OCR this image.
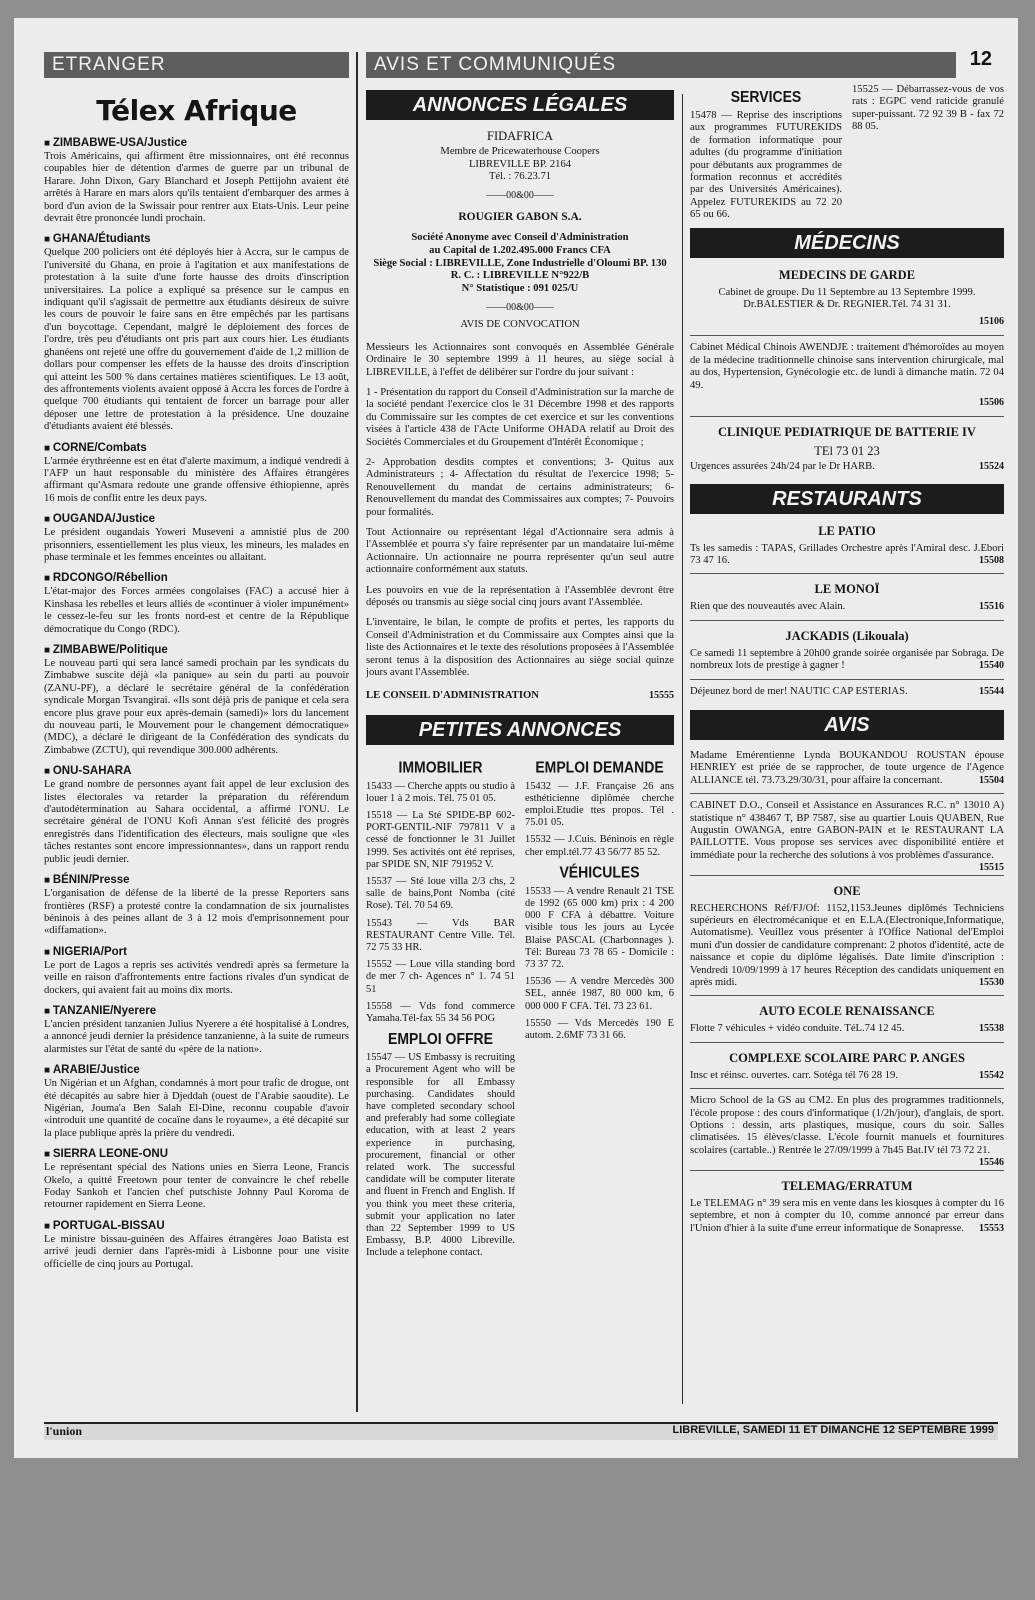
ETRANGER	AVIS ET COMMUNIQUÉS	12
Télex Afrique
■ ZIMBABWE-USA/Justice

Trois Américains, qui affirment être missionnaires, ont été reconnus coupables hier de détention d'armes de guerre par un tribunal de Harare. John Dixon, Gary Blanchard et Joseph Pettijohn avaient été arrêtés à Harare en mars alors qu'ils tentaient d'embarquer des armes à bord d'un avion de la Swissair pour rentrer aux Etats-Unis. Leur peine devrait être prononcée lundi prochain.

■ GHANA/Étudiants

Quelque 200 policiers ont été déployés hier à Accra, sur le campus de l'université du Ghana, en proie à l'agitation et aux manifestations de protestation à la suite d'une forte hausse des droits d'inscription universitaires. La police a expliqué sa présence sur le campus en indiquant qu'il s'agissait de permettre aux étudiants désireux de suivre les cours de pouvoir le faire sans en être empêchés par les partisans d'un boycottage. Cependant, malgré le déploiement des forces de l'ordre, très peu d'étudiants ont pris part aux cours hier. Les étudiants ghanéens ont rejeté une offre du gouvernement d'aide de 1,2 million de dollars pour compenser les effets de la hausse des droits d'inscription qui atteint les 500 % dans certaines matières scientifiques. Le 13 août, des affrontements violents avaient opposé à Accra les forces de l'ordre à quelque 700 étudiants qui tentaient de forcer un barrage pour aller déposer une lettre de protestation à la présidence. Une douzaine d'étudiants avaient été blessés.

■ CORNE/Combats

L'armée érythréenne est en état d'alerte maximum, a indiqué vendredi à l'AFP un haut responsable du ministère des Affaires étrangères affirmant qu'Asmara redoute une grande offensive éthiopienne, après 16 mois de conflit entre les deux pays.

■ OUGANDA/Justice

Le président ougandais Yoweri Museveni a amnistié plus de 200 prisonniers, essentiellement les plus vieux, les mineurs, les malades en phase terminale et les femmes enceintes ou allaitant.

■ RDCONGO/Rébellion

L'état-major des Forces armées congolaises (FAC) a accusé hier à Kinshasa les rebelles et leurs alliés de «continuer à violer impunément» le cessez-le-feu sur les fronts nord-est et centre de la République démocratique du Congo (RDC).

■ ZIMBABWE/Politique

Le nouveau parti qui sera lancé samedi prochain par les syndicats du Zimbabwe suscite déjà «la panique» au sein du parti au pouvoir (ZANU-PF), a déclaré le secrétaire général de la confédération syndicale Morgan Tsvangirai. «Ils sont déjà pris de panique et cela sera encore plus grave pour eux après-demain (samedi)» lors du lancement du nouveau parti, le Mouvement pour le changement démocratique» (MDC), a déclaré le dirigeant de la Confédération des syndicats du Zimbabwe (ZCTU), qui revendique 300.000 adhérents.

■ ONU-SAHARA

Le grand nombre de personnes ayant fait appel de leur exclusion des listes électorales va retarder la préparation du référendum d'autodétermination au Sahara occidental, a affirmé l'ONU. Le secrétaire général de l'ONU Kofi Annan s'est félicité des progrès enregistrés dans l'identification des électeurs, mais souligne que «les tâches restantes sont encore impressionnantes», dans un rapport rendu public jeudi dernier.

■ BÉNIN/Presse

L'organisation de défense de la liberté de la presse Reporters sans frontières (RSF) a protesté contre la condamnation de six journalistes béninois à des peines allant de 3 à 12 mois d'emprisonnement pour «diffamation».

■ NIGERIA/Port

Le port de Lagos a repris ses activités vendredi après sa fermeture la veille en raison d'affrontements entre factions rivales d'un syndicat de dockers, qui avaient fait au moins dix morts.

■ TANZANIE/Nyerere

L'ancien président tanzanien Julius Nyerere a été hospitalisé à Londres, a annoncé jeudi dernier la présidence tanzanienne, à la suite de rumeurs alarmistes sur l'état de santé du «père de la nation».

■ ARABIE/Justice

Un Nigérian et un Afghan, condamnés à mort pour trafic de drogue, ont été décapités au sabre hier à Djeddah (ouest de l'Arabie saoudite). Le Nigérian, Jouma'a Ben Salah El-Dine, reconnu coupable d'avoir «introduit une quantité de cocaïne dans le royaume», a été décapité sur la place publique après la prière du vendredi.

■ SIERRA LEONE-ONU

Le représentant spécial des Nations unies en Sierra Leone, Francis Okelo, a quitté Freetown pour tenter de convaincre le chef rebelle Foday Sankoh et l'ancien chef putschiste Johnny Paul Koroma de retourner rapidement en Sierra Leone.

■ PORTUGAL-BISSAU

Le ministre bissau-guinéen des Affaires étrangères Joao Batista est arrivé jeudi dernier dans l'après-midi à Lisbonne pour une visite officielle de cinq jours au Portugal.

ANNONCES LÉGALES
FIDAFRICA
Membre de Pricewaterhouse Coopers
LIBREVILLE BP. 2164
Tél. : 76.23.71
——00&00——
ROUGIER GABON S.A.
Société Anonyme avec Conseil d'Administration
au Capital de 1.202.495.000 Francs CFA
Siège Social : LIBREVILLE, Zone Industrielle d'Oloumi BP. 130
R. C. : LIBREVILLE N°922/B
N° Statistique : 091 025/U
——00&00——
AVIS DE CONVOCATION

Messieurs les Actionnaires sont convoqués en Assemblée Générale Ordinaire le 30 septembre 1999 à 11 heures, au siège social à LIBREVILLE, à l'effet de délibérer sur l'ordre du jour suivant :

1 - Présentation du rapport du Conseil d'Administration sur la marche de la société pendant l'exercice clos le 31 Décembre 1998 et des rapports du Commissaire sur les comptes de cet exercice et sur les conventions visées à l'article 438 de l'Acte Uniforme OHADA relatif au Droit des Sociétés Commerciales et du Groupement d'Intérêt Économique ;

2- Approbation desdits comptes et conventions; 3- Quitus aux Administrateurs ; 4- Affectation du résultat de l'exercice 1998; 5- Renouvellement du mandat de certains administrateurs; 6- Renouvellement du mandat des Commissaires aux comptes; 7- Pouvoirs pour formalités.

Tout Actionnaire ou représentant légal d'Actionnaire sera admis à l'Assemblée et pourra s'y faire représenter par un mandataire lui-même Actionnaire. Un actionnaire ne pourra représenter qu'un seul autre actionnaire conformément aux statuts.

Les pouvoirs en vue de la représentation à l'Assemblée devront être déposés ou transmis au siège social cinq jours avant l'Assemblée.

L'inventaire, le bilan, le compte de profits et pertes, les rapports du Conseil d'Administration et du Commissaire aux Comptes ainsi que la liste des Actionnaires et le texte des résolutions proposées à l'Assemblée seront tenus à la disposition des Actionnaires au siège social quinze jours avant l'Assemblée.

LE CONSEIL D'ADMINISTRATION	15555
PETITES ANNONCES
IMMOBILIER

15433 — Cherche appts ou studio à louer 1 à 2 mois. Tél. 75 01 05.

15518 — La Sté SPIDE-BP 602-PORT-GENTIL-NIF 797811 V a cessé de fonctionner le 31 Juillet 1999. Ses activités ont été reprises, par SPIDE SN, NIF 791952 V.

15537 — Sté loue villa 2/3 chs, 2 salle de bains,Pont Nomba (cité Rose). Tél. 70 54 69.

15543 — Vds BAR RESTAURANT Centre Ville. Tél. 72 75 33 HR.

15552 — Loue villa standing bord de mer 7 ch- Agences n° 1. 74 51 51

15558 — Vds fond commerce Yamaha.Tél-fax 55 34 56 POG

EMPLOI OFFRE

15547 — US Embassy is recruiting a Procurement Agent who will be responsible for all Embassy purchasing. Candidates should have completed secondary school and preferably had some collegiate education, with at least 2 years experience in purchasing, procurement, financial or other related work. The successful candidate will be computer literate and fluent in French and English. If you think you meet these criteria, submit your application no later than 22 September 1999 to US Embassy, B.P. 4000 Libreville. Include a telephone contact.

EMPLOI DEMANDE

15432 — J.F. Française 26 ans esthéticienne diplômée cherche emploi.Etudie ttes propos. Tél . 75.01 05.

15532 — J.Cuis. Béninois en règle cher empl.tél.77 43 56/77 85 52.

VÉHICULES

15533 — A vendre Renault 21 TSE de 1992 (65 000 km) prix : 4 200 000 F CFA à débattre. Voiture visible tous les jours au Lycée Blaise PASCAL (Charbonnages ). Tél: Bureau 73 78 65 - Domicile : 73 37 72.

15536 — A vendre Mercedès 300 SEL, année 1987, 80 000 km, 6 000 000 F CFA. Tél. 73 23 61.

15550 — Vds Mercedès 190 E autom. 2.6MF 73 31 66.

SERVICES

15478 — Reprise des inscriptions aux programmes FUTUREKIDS de formation informatique pour adultes (du programme d'initiation pour débutants aux programmes de formation reconnus et accrédités par des Universités Américaines). Appelez FUTUREKIDS au 72 20 65 ou 66.

15525 — Débarrassez-vous de vos rats : EGPC vend raticide granulé super-puissant. 72 92 39 B - fax 72 88 05.

MÉDECINS
MEDECINS DE GARDE

Cabinet de groupe. Du 11 Septembre au 13 Septembre 1999. Dr.BALESTIER & Dr. REGNIER.Tél. 74 31 31.

15106

Cabinet Médical Chinois AWENDJE : traitement d'hémoroïdes au moyen de la médecine traditionnelle chinoise sans intervention chirurgicale, mal au dos, Hypertension, Gynécologie etc. de lundi à dimanche matin. 72 04 49.

15506
CLINIQUE PEDIATRIQUE DE BATTERIE IV
TEl 73 01 23
Urgences assurées 24h/24 par le Dr HARB.	15524
RESTAURANTS
LE PATIO
Ts les samedis : TAPAS, Grillades Orchestre après l'Amiral desc. J.Ebori 73 47 16.	15508
LE MONOÏ
Rien que des nouveautés avec Alain.	15516
JACKADIS (Likouala)
Ce samedi 11 septembre à 20h00 grande soirée organisée par Sobraga. De nombreux lots de prestige à gagner !	15540
Déjeunez bord de mer! NAUTIC CAP ESTERIAS.	15544
AVIS
Madame Emérentienne Lynda BOUKANDOU ROUSTAN épouse HENRIEY est priée de se rapprocher, de toute urgence de l'Agence ALLIANCE tél. 73.73.29/30/31, pour affaire la concernant.	15504
CABINET D.O., Conseil et Assistance en Assurances R.C. n° 13010 A) statistique n° 438467 T, BP 7587, sise au quartier Louis QUABEN, Rue Augustin OWANGA, entre GABON-PAIN et le RESTAURANT LA PAILLOTTE. Vous propose ses services avec disponibilité entière et immédiate pour la recherche des solutions à vos problèmes d'assurance.
15515
ONE
RECHERCHONS Réf/FJ/Of: 1152,1153.Jeunes diplômés Techniciens supérieurs en électromécanique et en E.LA.(Electronique,Informatique, Automatisme). Veuillez vous présenter à l'Office National del'Emploi muni d'un dossier de candidature comprenant: 2 photos d'identité, acte de naissance et copie du diplôme légalisés. Date limite d'inscription : Vendredi 10/09/1999 à 17 heures Réception des candidats uniquement en après midi.	15530
AUTO ECOLE RENAISSANCE
Flotte 7 véhicules + vidéo conduite. TéL.74 12 45.	15538
COMPLEXE SCOLAIRE PARC P. ANGES
Insc et réinsc. ouvertes. carr. Sotéga tél 76 28 19.	15542
Micro School de la GS au CM2. En plus des programmes traditionnels, l'école propose : des cours d'informatique (1/2h/jour), d'anglais, de sport. Options : dessin, arts plastiques, musique, cours du soir. Salles climatisées. 15 élèves/classe. L'école fournit manuels et fournitures scolaires (cartable..) Rentrée le 27/09/1999 à 7h45 Bat.IV tél 73 72 21.
15546
TELEMAG/ERRATUM
Le TELEMAG n° 39 sera mis en vente dans les kiosques à compter du 16 septembre, et non à compter du 10, comme annoncé par erreur dans l'Union d'hier à la suite d'une erreur informatique de Sonapresse. 15553
l'union	LIBREVILLE, SAMEDI 11 ET DIMANCHE 12 SEPTEMBRE 1999
